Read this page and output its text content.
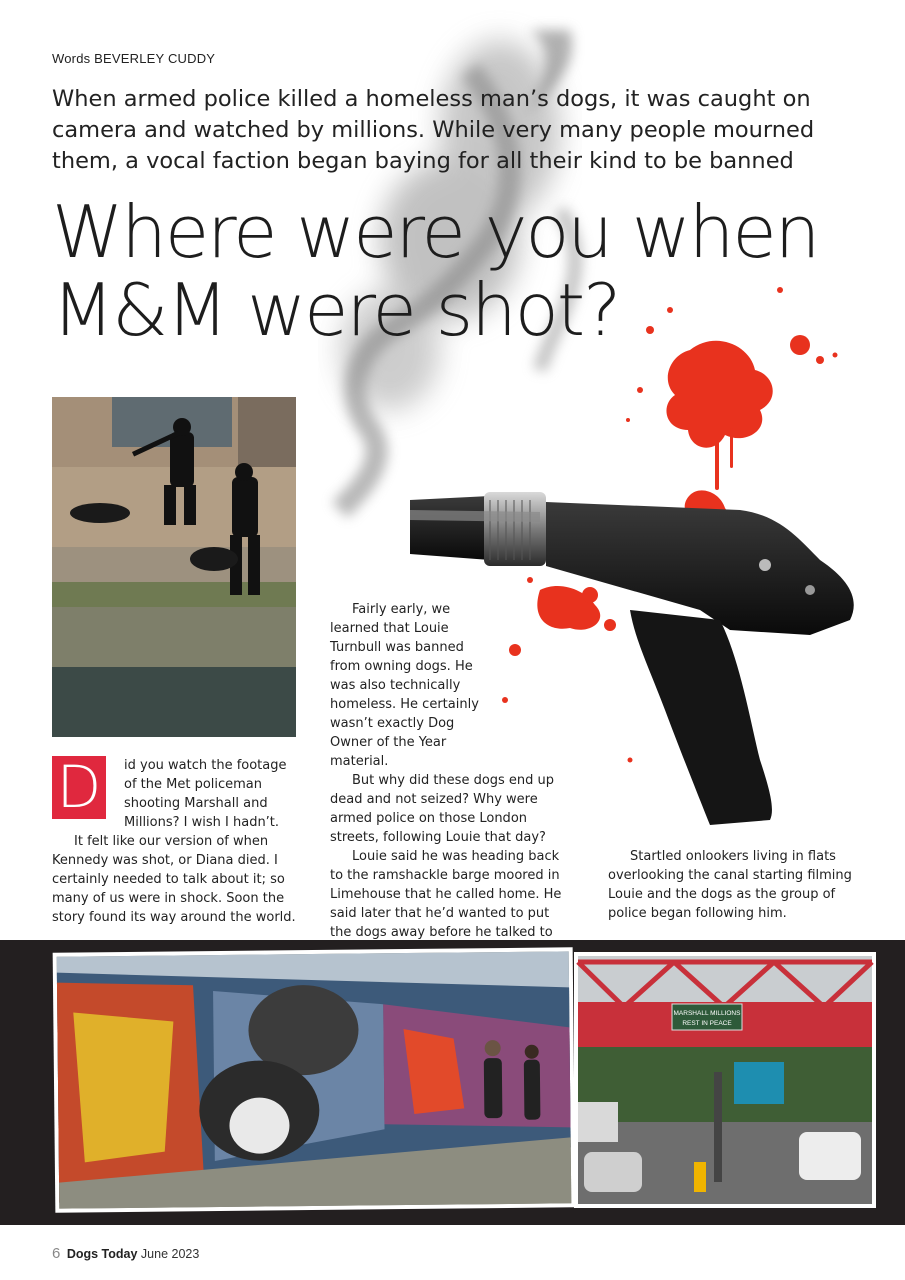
Words BEVERLEY CUDDY
When armed police killed a homeless man’s dogs, it was caught on camera and watched by millions. While very many people mourned them, a vocal faction began baying for all their kind to be banned
Where were you when
M&M were shot?
D	id you watch the footage of the Met policeman shooting Marshall and Millions? I wish I hadn’t.

It felt like our version of when Kennedy was shot, or Diana died. I certainly needed to talk about it; so many of us were in shock. Soon the story found its way around the world.

Fairly early, we learned that Louie Turnbull was banned from owning dogs. He was also technically homeless. He certainly wasn’t exactly Dog Owner of the Year material.

But why did these dogs end up dead and not seized? Why were armed police on those London streets, following Louie that day?

Louie said he was heading back to the ramshackle barge moored in Limehouse that he called home. He said later that he’d wanted to put the dogs away before he talked to

Startled onlookers living in flats overlooking the canal starting filming Louie and the dogs as the group of police began following him.

MARSHALL MILLIONS
REST IN PEACE
6 Dogs Today June 2023
